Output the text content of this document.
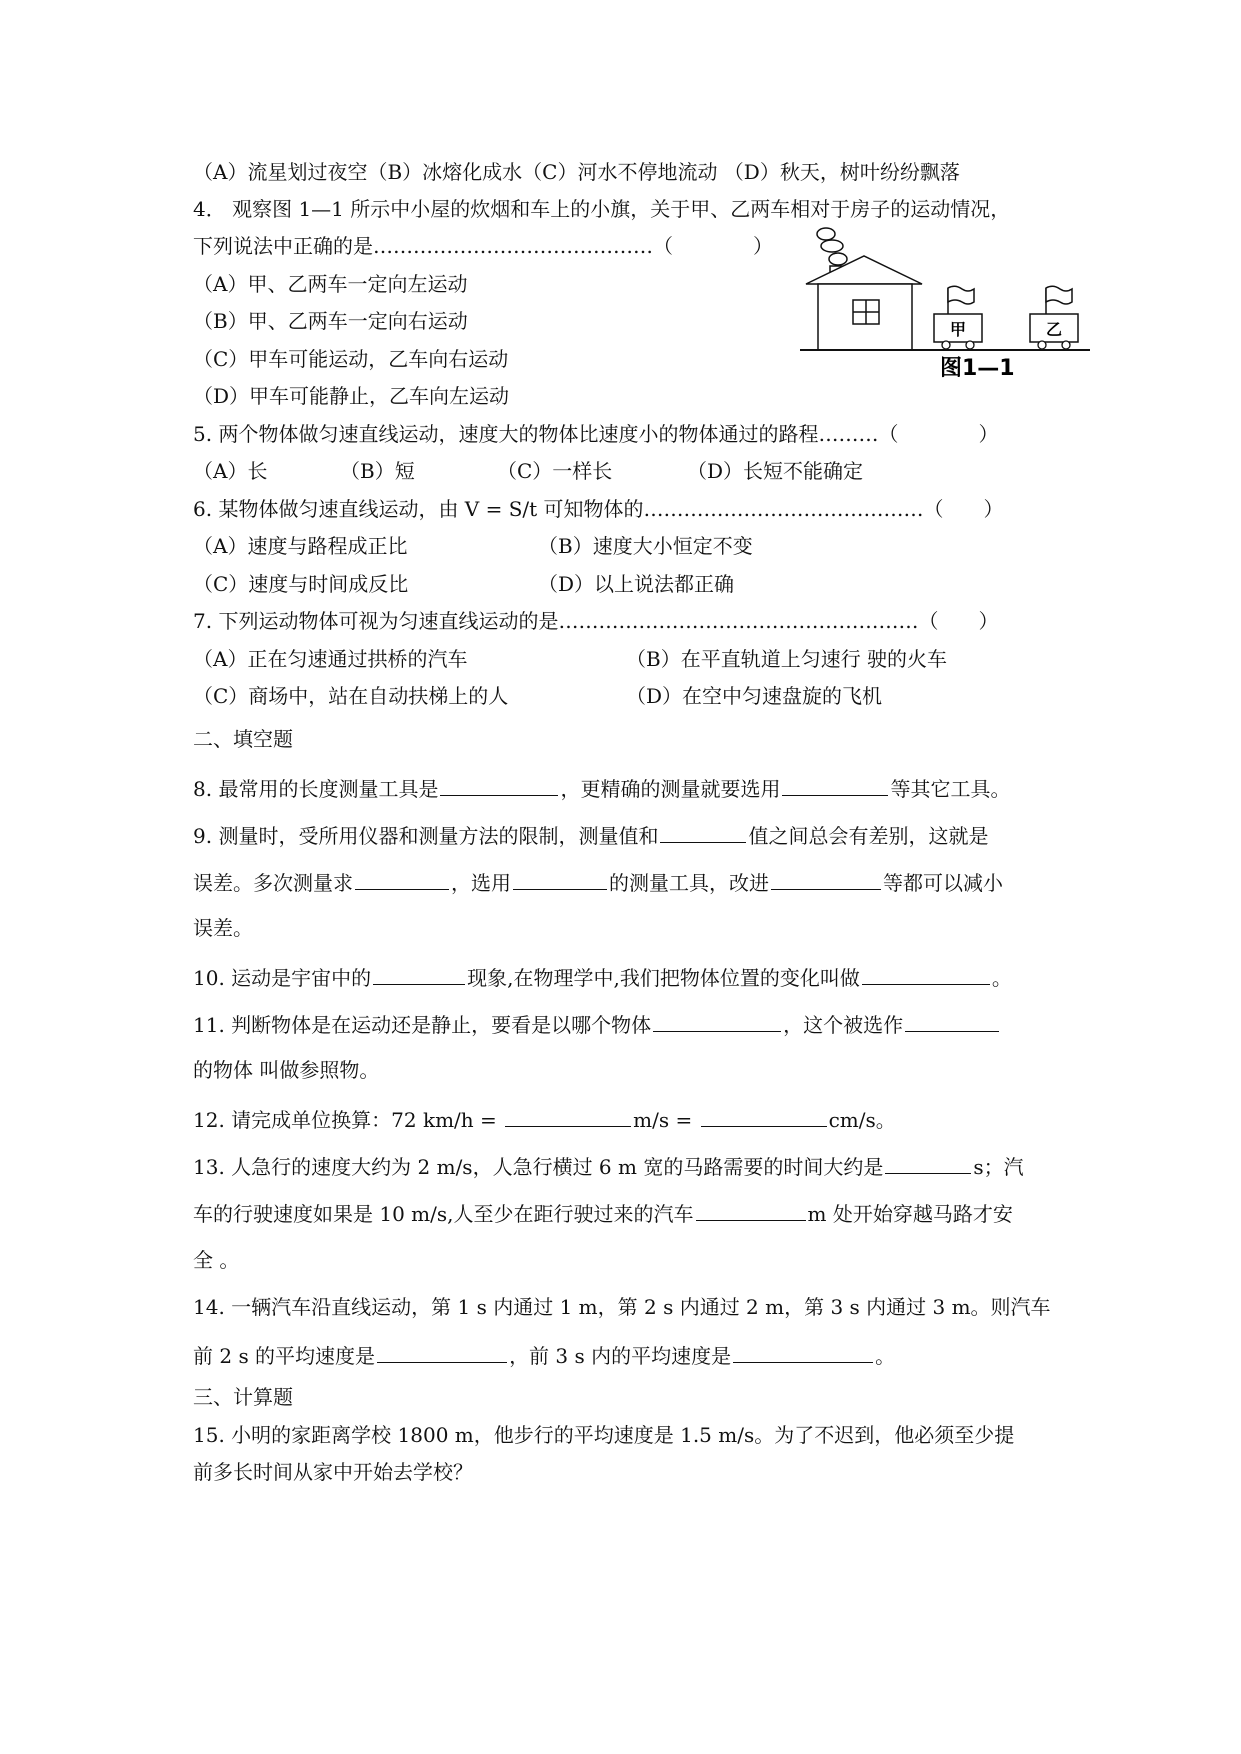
（A）流星划过夜空（B）冰熔化成水（C）河水不停地流动 （D）秋天，树叶纷纷飘落
4． 观察图 1—1 所示中小屋的炊烟和车上的小旗，关于甲、乙两车相对于房子的运动情况，
下列说法中正确的是……………………………………（　　　　）
（A）甲、乙两车一定向左运动
（B）甲、乙两车一定向右运动
（C）甲车可能运动，乙车向右运动
（D）甲车可能静止，乙车向左运动
甲	乙
图1—1
5. 两个物体做匀速直线运动，速度大的物体比速度小的物体通过的路程………（　　　　）
（A）长	（B）短	（C）一样长	（D）长短不能确定
6. 某物体做匀速直线运动，由 V = S/t 可知物体的……………………………………（　　）
（A）速度与路程成正比	（B）速度大小恒定不变
（C）速度与时间成反比	（D）以上说法都正确
7. 下列运动物体可视为匀速直线运动的是………………………………………………（　　）
（A）正在匀速通过拱桥的汽车	（B）在平直轨道上匀速行 驶的火车
（C）商场中，站在自动扶梯上的人	（D）在空中匀速盘旋的飞机
二、填空题
8. 最常用的长度测量工具是	，更精确的测量就要选用	等其它工具。
9. 测量时，受所用仪器和测量方法的限制，测量值和	值之间总会有差别，这就是
误差。多次测量求	，选用	的测量工具，改进	等都可以减小
误差。
10. 运动是宇宙中的	现象,在物理学中,我们把物体位置的变化叫做	。
11. 判断物体是在运动还是静止，要看是以哪个物体	，这个被选作
的物体 叫做参照物。
12. 请完成单位换算：72 km/h =	m/s =	cm/s。
13. 人急行的速度大约为 2 m/s，人急行横过 6 m 宽的马路需要的时间大约是	s；汽
车的行驶速度如果是 10 m/s,人至少在距行驶过来的汽车	m 处开始穿越马路才安
全 。
14. 一辆汽车沿直线运动，第 1 s 内通过 1 m，第 2 s 内通过 2 m，第 3 s 内通过 3 m。则汽车
前 2 s 的平均速度是	，前 3 s 内的平均速度是	。
三、计算题
15. 小明的家距离学校 1800 m，他步行的平均速度是 1.5 m/s。为了不迟到，他必须至少提
前多长时间从家中开始去学校？
